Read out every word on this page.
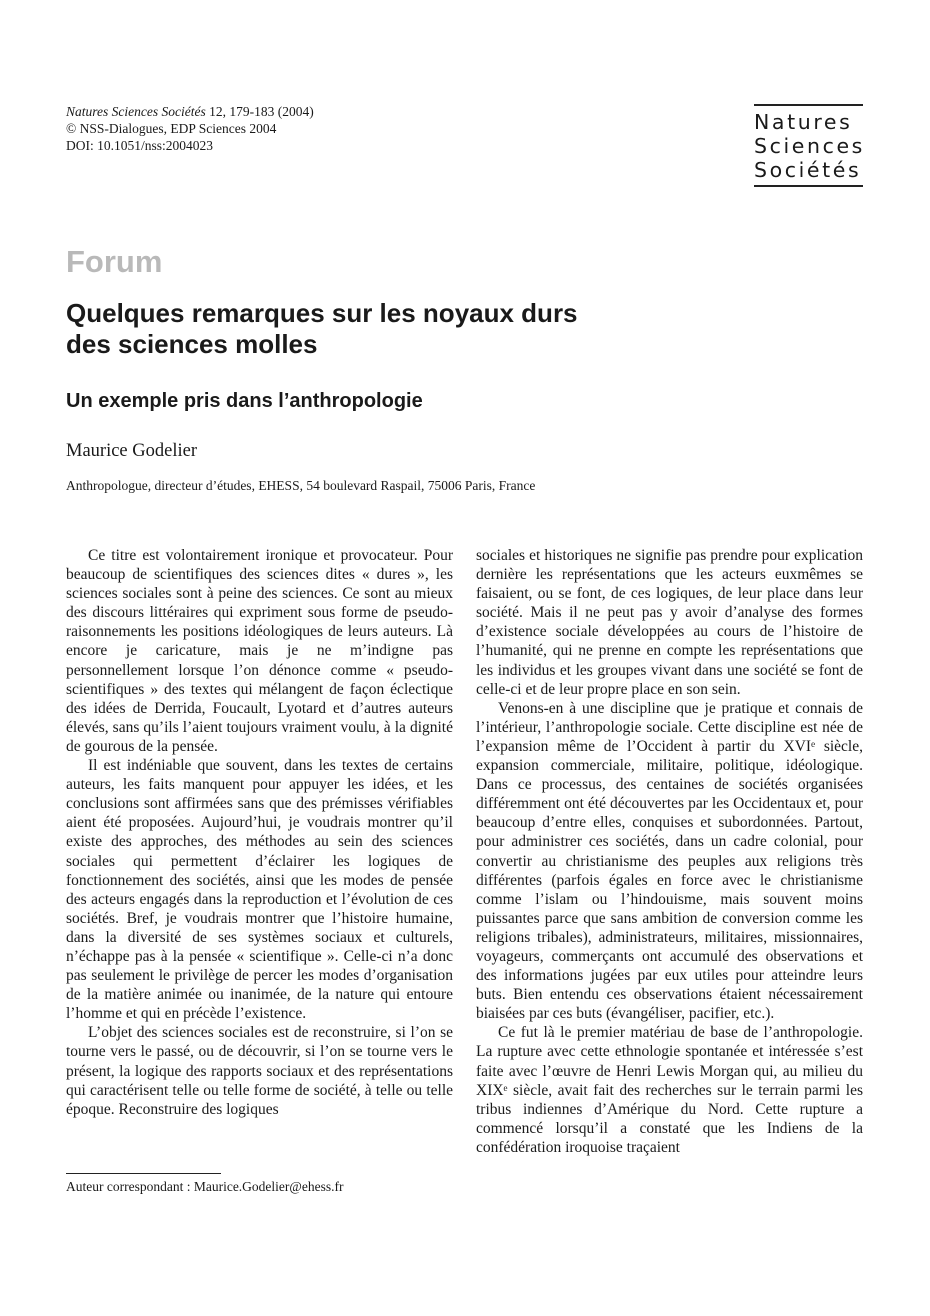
Natures Sciences Sociétés 12, 179-183 (2004)
© NSS-Dialogues, EDP Sciences 2004
DOI: 10.1051/nss:2004023
Natures
Sciences
Sociétés
Forum
Quelques remarques sur les noyaux durs
des sciences molles
Un exemple pris dans l’anthropologie
Maurice Godelier
Anthropologue, directeur d’études, EHESS, 54 boulevard Raspail, 75006 Paris, France

Ce titre est volontairement ironique et provocateur. Pour beaucoup de scientifiques des sciences dites « dures », les sciences sociales sont à peine des sciences. Ce sont au mieux des discours littéraires qui expriment sous forme de pseudo-raisonnements les positions idéologiques de leurs auteurs. Là encore je caricature, mais je ne m’indigne pas personnellement lorsque l’on dénonce comme « pseudo-scientifiques » des textes qui mélangent de façon éclectique des idées de Derrida, Foucault, Lyotard et d’autres auteurs élevés, sans qu’ils l’aient toujours vraiment voulu, à la dignité de gourous de la pensée.

Il est indéniable que souvent, dans les textes de certains auteurs, les faits manquent pour appuyer les idées, et les conclusions sont affirmées sans que des prémisses vérifiables aient été proposées. Aujourd’hui, je voudrais montrer qu’il existe des approches, des méthodes au sein des sciences sociales qui permettent d’éclairer les logiques de fonctionnement des sociétés, ainsi que les modes de pensée des acteurs engagés dans la reproduction et l’évolution de ces sociétés. Bref, je voudrais montrer que l’histoire humaine, dans la diversité de ses systèmes sociaux et culturels, n’échappe pas à la pensée « scientifique ». Celle-ci n’a donc pas seulement le privilège de percer les modes d’organisation de la matière animée ou inanimée, de la nature qui entoure l’homme et qui en précède l’existence.

L’objet des sciences sociales est de reconstruire, si l’on se tourne vers le passé, ou de découvrir, si l’on se tourne vers le présent, la logique des rapports sociaux et des représentations qui caractérisent telle ou telle forme de société, à telle ou telle époque. Reconstruire des logiques

sociales et historiques ne signifie pas prendre pour explication dernière les représentations que les acteurs euxmêmes se faisaient, ou se font, de ces logiques, de leur place dans leur société. Mais il ne peut pas y avoir d’analyse des formes d’existence sociale développées au cours de l’histoire de l’humanité, qui ne prenne en compte les représentations que les individus et les groupes vivant dans une société se font de celle-ci et de leur propre place en son sein.

Venons-en à une discipline que je pratique et connais de l’intérieur, l’anthropologie sociale. Cette discipline est née de l’expansion même de l’Occident à partir du XVIᵉ siècle, expansion commerciale, militaire, politique, idéologique. Dans ce processus, des centaines de sociétés organisées différemment ont été découvertes par les Occidentaux et, pour beaucoup d’entre elles, conquises et subordonnées. Partout, pour administrer ces sociétés, dans un cadre colonial, pour convertir au christianisme des peuples aux religions très différentes (parfois égales en force avec le christianisme comme l’islam ou l’hindouisme, mais souvent moins puissantes parce que sans ambition de conversion comme les religions tribales), administrateurs, militaires, missionnaires, voyageurs, commerçants ont accumulé des observations et des informations jugées par eux utiles pour atteindre leurs buts. Bien entendu ces observations étaient nécessairement biaisées par ces buts (évangéliser, pacifier, etc.).

Ce fut là le premier matériau de base de l’anthropologie. La rupture avec cette ethnologie spontanée et intéressée s’est faite avec l’œuvre de Henri Lewis Morgan qui, au milieu du XIXᵉ siècle, avait fait des recherches sur le terrain parmi les tribus indiennes d’Amérique du Nord. Cette rupture a commencé lorsqu’il a constaté que les Indiens de la confédération iroquoise traçaient

Auteur correspondant : Maurice.Godelier@ehess.fr
